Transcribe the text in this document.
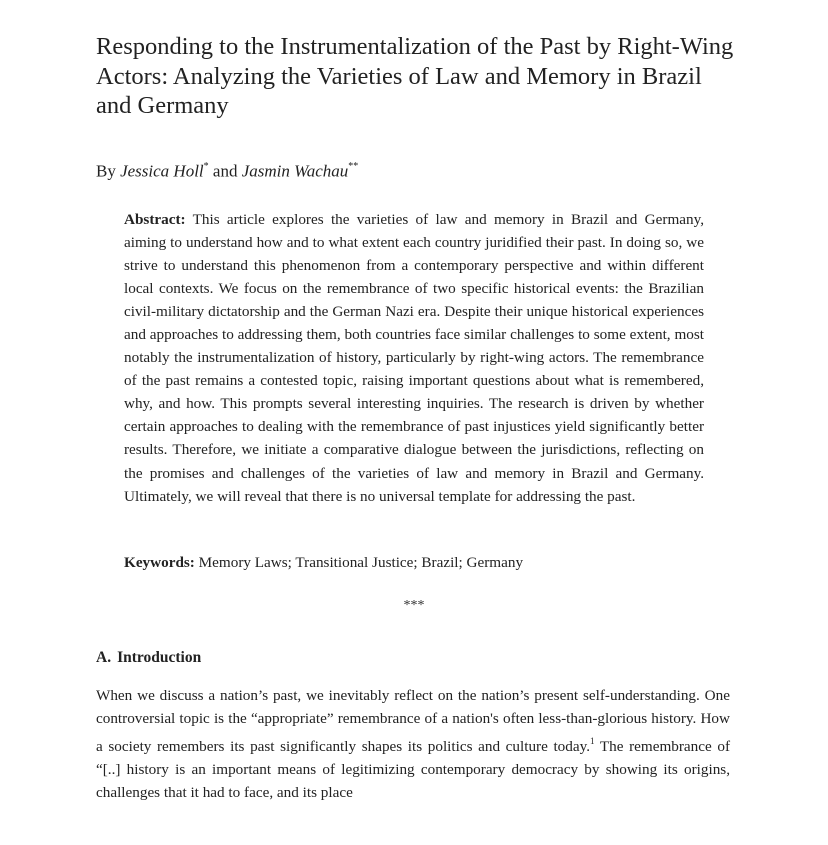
Responding to the Instrumentalization of the Past by Right-Wing Actors: Analyzing the Varieties of Law and Memory in Brazil and Germany
By Jessica Holl* and Jasmin Wachau**

Abstract: This article explores the varieties of law and memory in Brazil and Germany, aiming to understand how and to what extent each country juridified their past. In doing so, we strive to understand this phenomenon from a contemporary perspective and within different local contexts. We focus on the remembrance of two specific historical events: the Brazilian civil-military dictatorship and the German Nazi era. Despite their unique historical experiences and approaches to addressing them, both countries face similar challenges to some extent, most notably the instrumentalization of history, particularly by right-wing actors. The remembrance of the past remains a contested topic, raising important questions about what is remembered, why, and how. This prompts several interesting inquiries. The research is driven by whether certain approaches to dealing with the remembrance of past injustices yield significantly better results. Therefore, we initiate a comparative dialogue between the jurisdictions, reflecting on the promises and challenges of the varieties of law and memory in Brazil and Germany. Ultimately, we will reveal that there is no universal template for addressing the past.

Keywords: Memory Laws; Transitional Justice; Brazil; Germany

***
A. Introduction

When we discuss a nation’s past, we inevitably reflect on the nation’s present self-understanding. One controversial topic is the “appropriate” remembrance of a nation's often less-than-glorious history. How a society remembers its past significantly shapes its politics and culture today.$^1$ The remembrance of “[..] history is an important means of legitimizing contemporary democracy by showing its origins, challenges that it had to face, and its place
